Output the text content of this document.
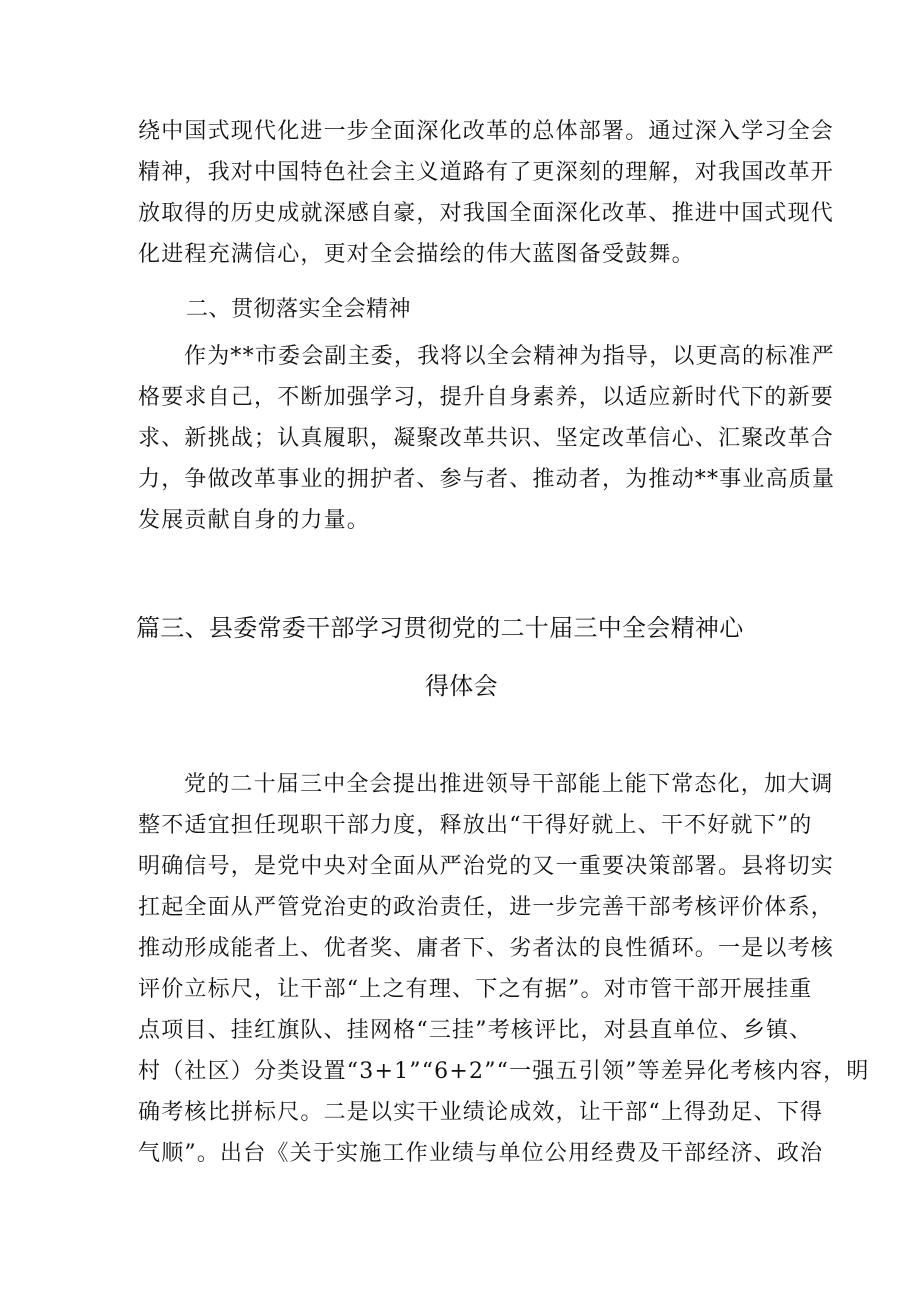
绕中国式现代化进一步全面深化改革的总体部署。通过深入学习全会
精神，我对中国特色社会主义道路有了更深刻的理解，对我国改革开
放取得的历史成就深感自豪，对我国全面深化改革、推进中国式现代
化进程充满信心，更对全会描绘的伟大蓝图备受鼓舞。
二、贯彻落实全会精神
作为**市委会副主委，我将以全会精神为指导，以更高的标准严
格要求自己，不断加强学习，提升自身素养，以适应新时代下的新要
求、新挑战；认真履职，凝聚改革共识、坚定改革信心、汇聚改革合
力，争做改革事业的拥护者、参与者、推动者，为推动**事业高质量
发展贡献自身的力量。
篇三、县委常委干部学习贯彻党的二十届三中全会精神心
得体会
党的二十届三中全会提出推进领导干部能上能下常态化，加大调
整不适宜担任现职干部力度，释放出“干得好就上、干不好就下”的
明确信号，是党中央对全面从严治党的又一重要决策部署。县将切实
扛起全面从严管党治吏的政治责任，进一步完善干部考核评价体系，
推动形成能者上、优者奖、庸者下、劣者汰的良性循环。一是以考核
评价立标尺，让干部“上之有理、下之有据”。对市管干部开展挂重
点项目、挂红旗队、挂网格“三挂”考核评比，对县直单位、乡镇、
村（社区）分类设置“3+1”“6+2”“一强五引领”等差异化考核内容，明
确考核比拼标尺。二是以实干业绩论成效，让干部“上得劲足、下得
气顺”。出台《关于实施工作业绩与单位公用经费及干部经济、政治
